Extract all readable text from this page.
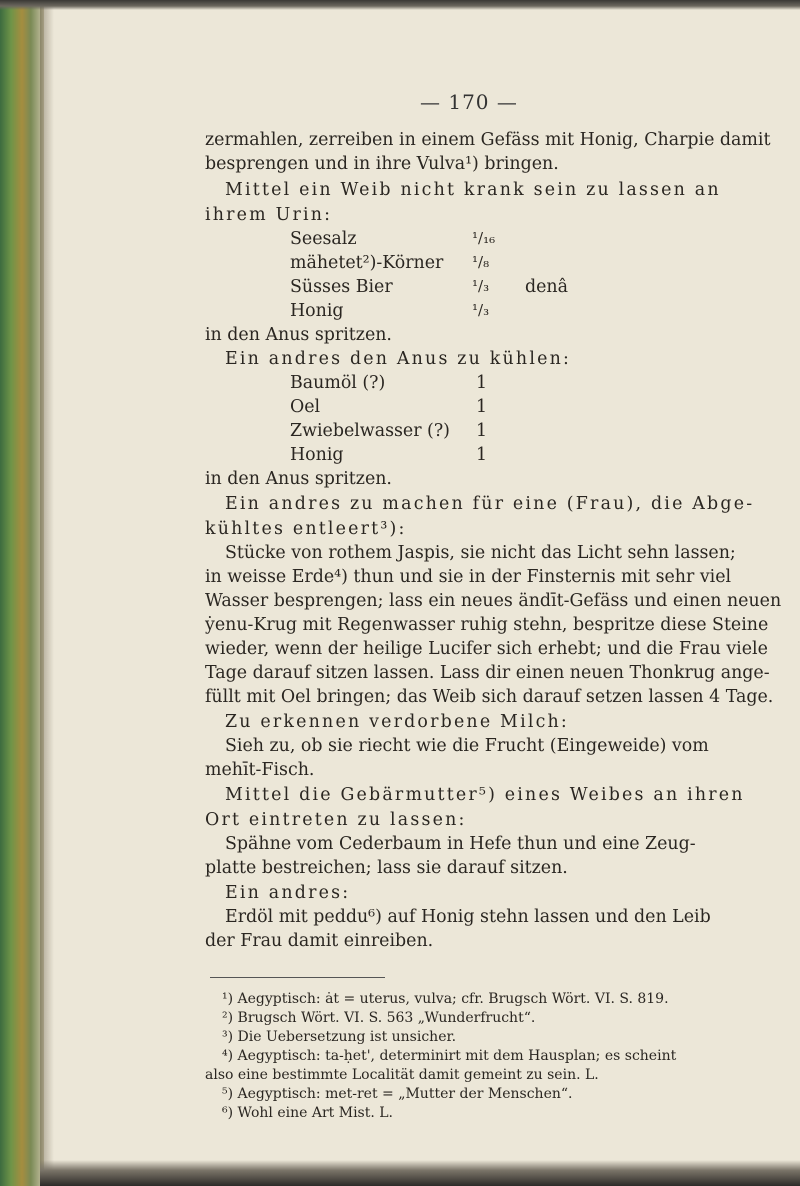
— 170 —
zermahlen, zerreiben in einem Gefäss mit Honig, Charpie damit
besprengen und in ihre Vulva¹) bringen.
Mittel ein Weib nicht krank sein zu lassen an
ihrem Urin:
Seesalz	¹/₁₆
mähetet²)-Körner ¹/₈
Süsses Bier	¹/₃ denâ
Honig	¹/₃
in den Anus spritzen.
Ein andres den Anus zu kühlen:
Baumöl (?)	1
Oel	1
Zwiebelwasser (?) 1
Honig	1
in den Anus spritzen.
Ein andres zu machen für eine (Frau), die Abge-
kühltes entleert³):
Stücke von rothem Jaspis, sie nicht das Licht sehn lassen;
in weisse Erde⁴) thun und sie in der Finsternis mit sehr viel
Wasser besprengen; lass ein neues ändīt-Gefäss und einen neuen
ẏenu-Krug mit Regenwasser ruhig stehn, bespritze diese Steine
wieder, wenn der heilige Lucifer sich erhebt; und die Frau viele
Tage darauf sitzen lassen. Lass dir einen neuen Thonkrug ange-
füllt mit Oel bringen; das Weib sich darauf setzen lassen 4 Tage.
Zu erkennen verdorbene Milch:
Sieh zu, ob sie riecht wie die Frucht (Eingeweide) vom
mehīt-Fisch.
Mittel die Gebärmutter⁵) eines Weibes an ihren
Ort eintreten zu lassen:
Spähne vom Cederbaum in Hefe thun und eine Zeug-
platte bestreichen; lass sie darauf sitzen.
Ein andres:
Erdöl mit peddu⁶) auf Honig stehn lassen und den Leib
der Frau damit einreiben.
¹) Aegyptisch: ȧt = uterus, vulva; cfr. Brugsch Wört. VI. S. 819.
²) Brugsch Wört. VI. S. 563 „Wunderfrucht“.
³) Die Uebersetzung ist unsicher.
⁴) Aegyptisch: ta-ḥet', determinirt mit dem Hausplan; es scheint
also eine bestimmte Localität damit gemeint zu sein. L.
⁵) Aegyptisch: met-ret = „Mutter der Menschen“.
⁶) Wohl eine Art Mist. L.
